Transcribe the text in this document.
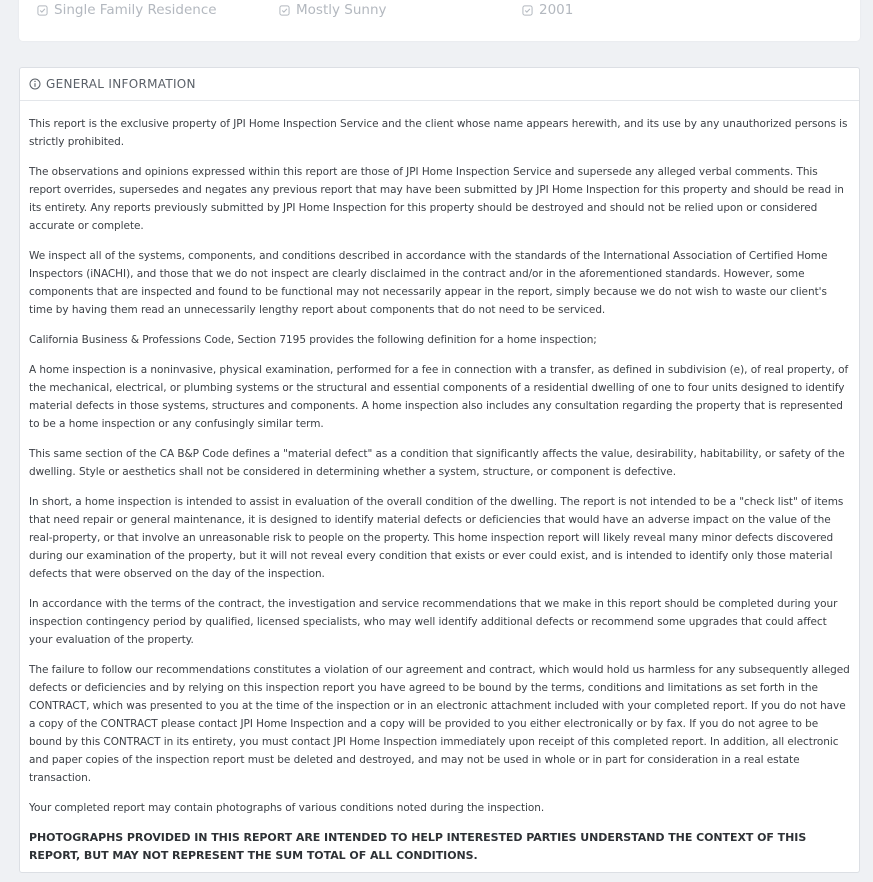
Single Family Residence	Mostly Sunny	2001
GENERAL INFORMATION

This report is the exclusive property of JPI Home Inspection Service and the client whose name appears herewith, and its use by any unauthorized persons is strictly prohibited.

The observations and opinions expressed within this report are those of JPI Home Inspection Service and supersede any alleged verbal comments. This report overrides, supersedes and negates any previous report that may have been submitted by JPI Home Inspection for this property and should be read in its entirety. Any reports previously submitted by JPI Home Inspection for this property should be destroyed and should not be relied upon or considered accurate or complete.

We inspect all of the systems, components, and conditions described in accordance with the standards of the International Association of Certified Home Inspectors (iNACHI), and those that we do not inspect are clearly disclaimed in the contract and/or in the aforementioned standards. However, some components that are inspected and found to be functional may not necessarily appear in the report, simply because we do not wish to waste our client's time by having them read an unnecessarily lengthy report about components that do not need to be serviced.

California Business & Professions Code, Section 7195 provides the following definition for a home inspection;

A home inspection is a noninvasive, physical examination, performed for a fee in connection with a transfer, as defined in subdivision (e), of real property, of the mechanical, electrical, or plumbing systems or the structural and essential components of a residential dwelling of one to four units designed to identify material defects in those systems, structures and components. A home inspection also includes any consultation regarding the property that is represented to be a home inspection or any confusingly similar term.

This same section of the CA B&P Code defines a "material defect" as a condition that significantly affects the value, desirability, habitability, or safety of the dwelling. Style or aesthetics shall not be considered in determining whether a system, structure, or component is defective.

In short, a home inspection is intended to assist in evaluation of the overall condition of the dwelling. The report is not intended to be a "check list" of items that need repair or general maintenance, it is designed to identify material defects or deficiencies that would have an adverse impact on the value of the real-property, or that involve an unreasonable risk to people on the property. This home inspection report will likely reveal many minor defects discovered during our examination of the property, but it will not reveal every condition that exists or ever could exist, and is intended to identify only those material defects that were observed on the day of the inspection.

In accordance with the terms of the contract, the investigation and service recommendations that we make in this report should be completed during your inspection contingency period by qualified, licensed specialists, who may well identify additional defects or recommend some upgrades that could affect your evaluation of the property.

The failure to follow our recommendations constitutes a violation of our agreement and contract, which would hold us harmless for any subsequently alleged defects or deficiencies and by relying on this inspection report you have agreed to be bound by the terms, conditions and limitations as set forth in the CONTRACT, which was presented to you at the time of the inspection or in an electronic attachment included with your completed report. If you do not have a copy of the CONTRACT please contact JPI Home Inspection and a copy will be provided to you either electronically or by fax. If you do not agree to be bound by this CONTRACT in its entirety, you must contact JPI Home Inspection immediately upon receipt of this completed report. In addition, all electronic and paper copies of the inspection report must be deleted and destroyed, and may not be used in whole or in part for consideration in a real estate transaction.

Your completed report may contain photographs of various conditions noted during the inspection.

PHOTOGRAPHS PROVIDED IN THIS REPORT ARE INTENDED TO HELP INTERESTED PARTIES UNDERSTAND THE CONTEXT OF THIS REPORT, BUT MAY NOT REPRESENT THE SUM TOTAL OF ALL CONDITIONS.
